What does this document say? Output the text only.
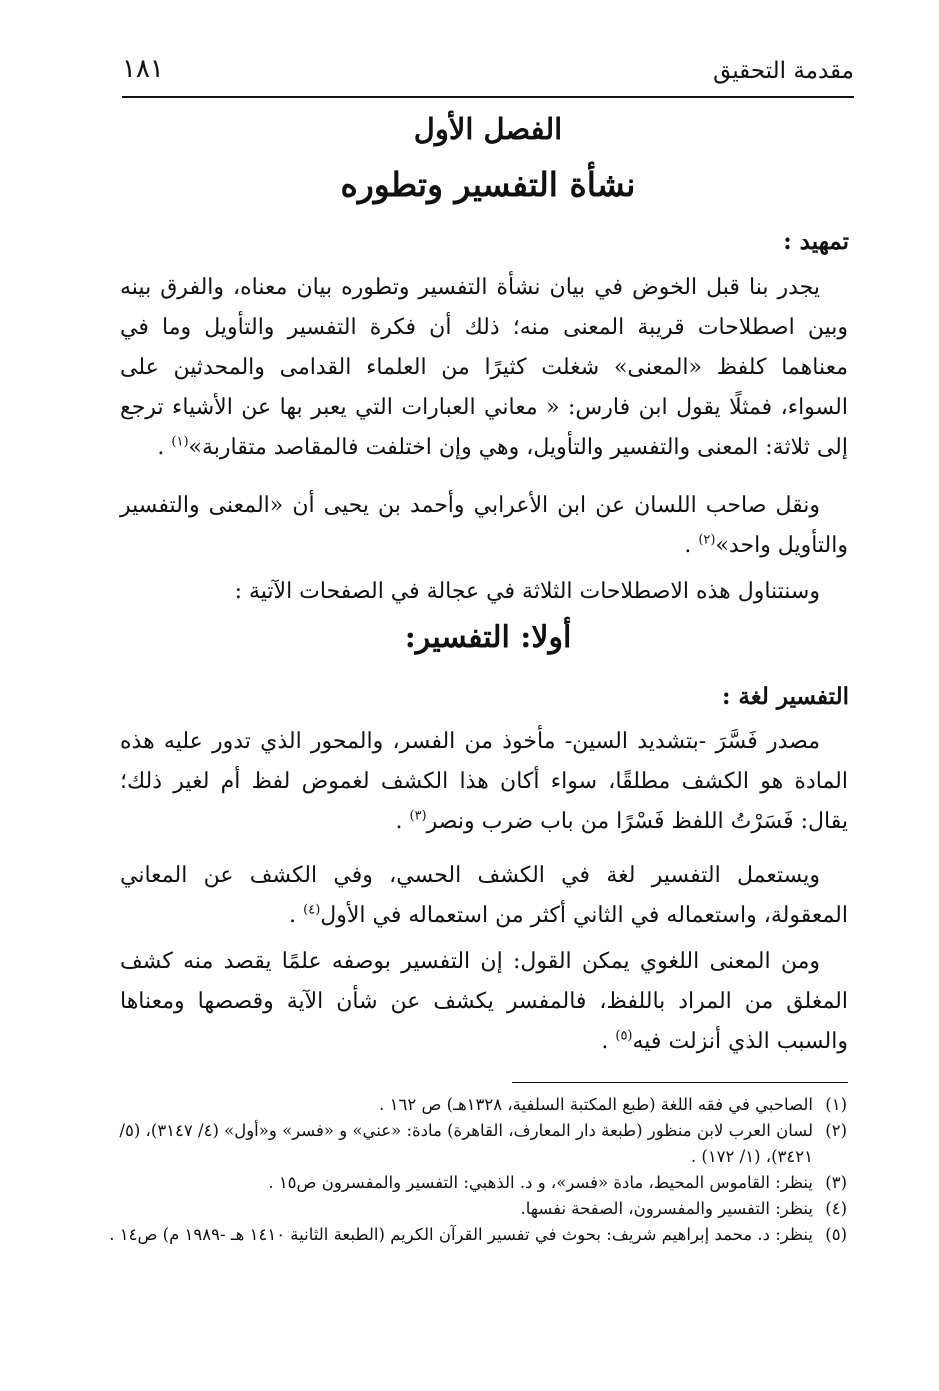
مقدمة التحقيق
١٨١
الفصل الأول
نشأة التفسير وتطوره
تمهيد :
يجدر بنا قبل الخوض في بيان نشأة التفسير وتطوره بيان معناه، والفرق بينه وبين اصطلاحات قريبة المعنى منه؛ ذلك أن فكرة التفسير والتأويل وما في معناهما كلفظ «المعنى» شغلت كثيرًا من العلماء القدامى والمحدثين على السواء، فمثلًا يقول ابن فارس: « معاني العبارات التي يعبر بها عن الأشياء ترجع إلى ثلاثة: المعنى والتفسير والتأويل، وهي وإن اختلفت فالمقاصد متقاربة»$^{(١)}$ .
ونقل صاحب اللسان عن ابن الأعرابي وأحمد بن يحيى أن «المعنى والتفسير والتأويل واحد»$^{(٢)}$ .
وسنتناول هذه الاصطلاحات الثلاثة في عجالة في الصفحات الآتية :
أولا: التفسير:
التفسير لغة :
مصدر فَسَّرَ -بتشديد السين- مأخوذ من الفسر، والمحور الذي تدور عليه هذه المادة هو الكشف مطلقًا، سواء أكان هذا الكشف لغموض لفظ أم لغير ذلك؛ يقال: فَسَرْتُ اللفظ فَسْرًا من باب ضرب ونصر$^{(٣)}$ .
ويستعمل التفسير لغة في الكشف الحسي، وفي الكشف عن المعاني المعقولة، واستعماله في الثاني أكثر من استعماله في الأول$^{(٤)}$ .
ومن المعنى اللغوي يمكن القول: إن التفسير بوصفه علمًا يقصد منه كشف المغلق من المراد باللفظ، فالمفسر يكشف عن شأن الآية وقصصها ومعناها والسبب الذي أنزلت فيه$^{(٥)}$ .
(١)
الصاحبي في فقه اللغة (طبع المكتبة السلفية، ١٣٢٨هـ) ص ١٦٢ .
(٢)
لسان العرب لابن منظور (طبعة دار المعارف، القاهرة) مادة: «عني» و «فسر» و«أول» (٤/ ٣١٤٧)، (٥/ ٣٤٢١)، (١/ ١٧٢) .
(٣)
ينظر: القاموس المحيط، مادة «فسر»، و د. الذهبي: التفسير والمفسرون ص١٥ .
(٤)
ينظر: التفسير والمفسرون، الصفحة نفسها.
(٥)
ينظر: د. محمد إبراهيم شريف: بحوث في تفسير القرآن الكريم (الطبعة الثانية ١٤١٠ هـ -١٩٨٩ م) ص١٤ .
